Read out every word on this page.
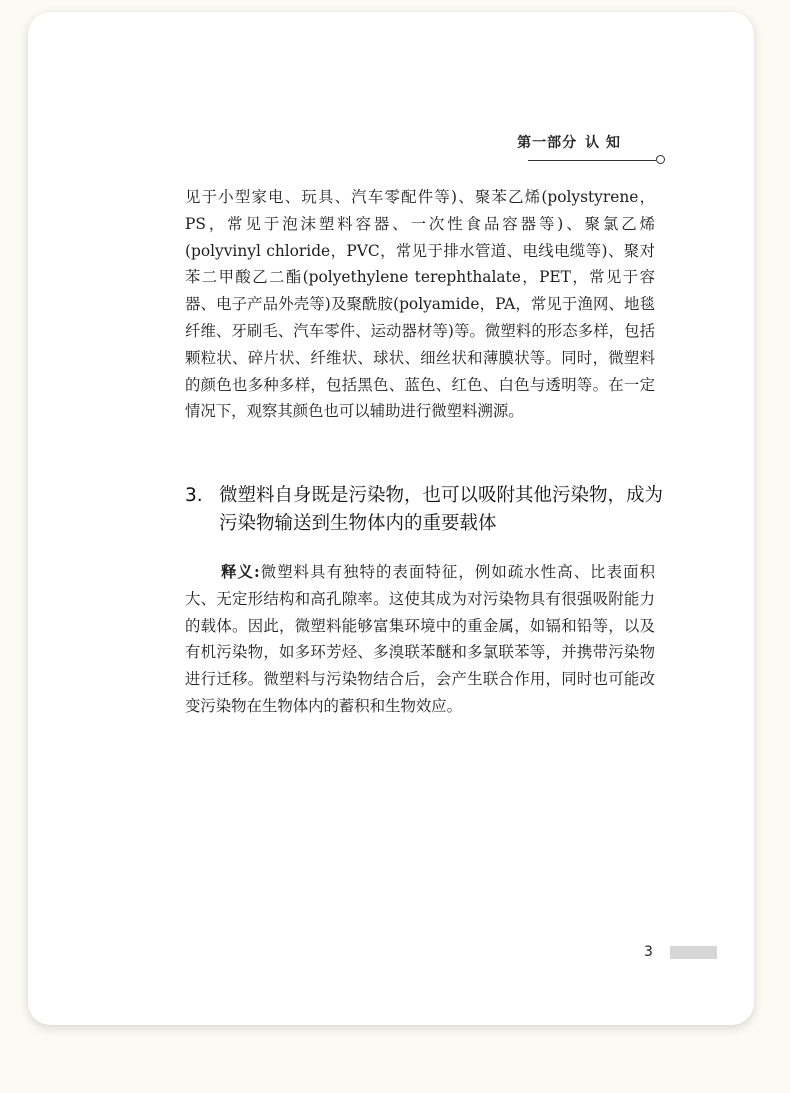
第一部分 认 知

见于小型家电、玩具、汽车零配件等)、聚苯乙烯(polystyrene，PS，常见于泡沫塑料容器、一次性食品容器等)、聚氯乙烯(polyvinyl chloride，PVC，常见于排水管道、电线电缆等)、聚对苯二甲酸乙二酯(polyethylene terephthalate，PET，常见于容器、电子产品外壳等)及聚酰胺(polyamide，PA，常见于渔网、地毯纤维、牙刷毛、汽车零件、运动器材等)等。微塑料的形态多样，包括颗粒状、碎片状、纤维状、球状、细丝状和薄膜状等。同时，微塑料的颜色也多种多样，包括黑色、蓝色、红色、白色与透明等。在一定情况下，观察其颜色也可以辅助进行微塑料溯源。

3. 微塑料自身既是污染物，也可以吸附其他污染物，成为污染物输送到生物体内的重要载体

释义:微塑料具有独特的表面特征，例如疏水性高、比表面积大、无定形结构和高孔隙率。这使其成为对污染物具有很强吸附能力的载体。因此，微塑料能够富集环境中的重金属，如镉和铅等，以及有机污染物，如多环芳烃、多溴联苯醚和多氯联苯等，并携带污染物进行迁移。微塑料与污染物结合后，会产生联合作用，同时也可能改变污染物在生物体内的蓄积和生物效应。

3
